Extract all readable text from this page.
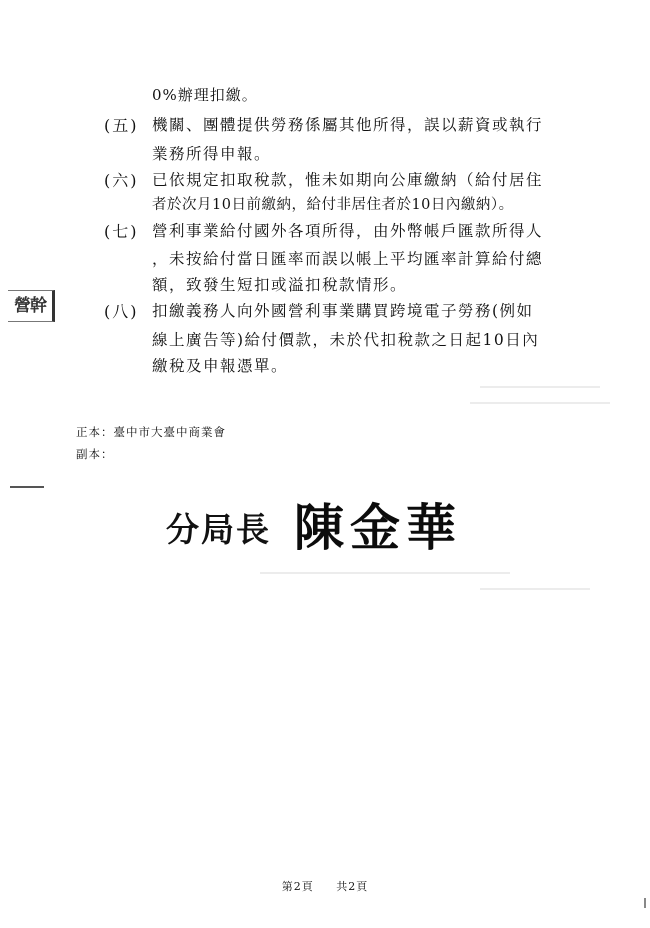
0%辦理扣繳。
(五) 機關、團體提供勞務係屬其他所得，誤以薪資或執行
業務所得申報。
(六) 已依規定扣取稅款，惟未如期向公庫繳納（給付居住
者於次月10日前繳納，給付非居住者於10日內繳納）。
(七) 營利事業給付國外各項所得，由外幣帳戶匯款所得人
，未按給付當日匯率而誤以帳上平均匯率計算給付總
額，致發生短扣或溢扣稅款情形。
(八) 扣繳義務人向外國營利事業購買跨境電子勞務(例如
線上廣告等)給付價款，未於代扣稅款之日起10日內
繳稅及申報憑單。
正本：臺中市大臺中商業會
副本：
營幹
分局長 陳金華
第2頁 共2頁
